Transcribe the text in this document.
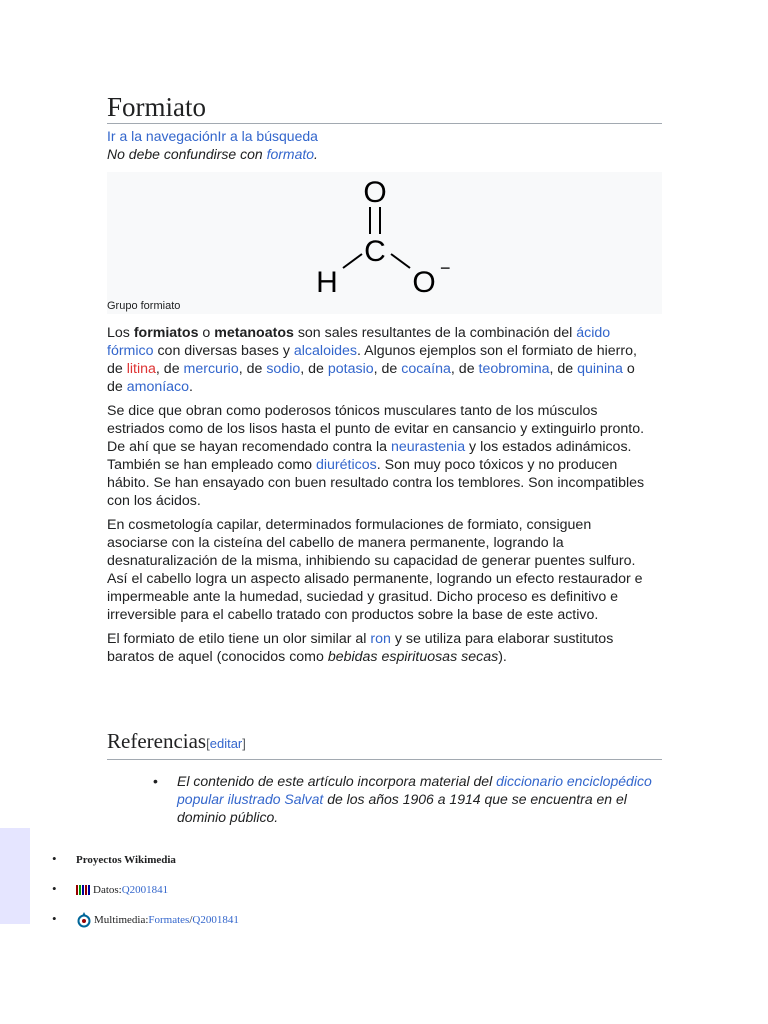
Formiato
Ir a la navegaciónIr a la búsqueda
No debe confundirse con formato.
O
C
H O −
Grupo formiato

Los formiatos o metanoatos son sales resultantes de la combinación del ácido fórmico con diversas bases y alcaloides. Algunos ejemplos son el formiato de hierro, de litina, de mercurio, de sodio, de potasio, de cocaína, de teobromina, de quinina o de amoníaco.

Se dice que obran como poderosos tónicos musculares tanto de los músculos estriados como de los lisos hasta el punto de evitar en cansancio y extinguirlo pronto. De ahí que se hayan recomendado contra la neurastenia y los estados adinámicos. También se han empleado como diuréticos. Son muy poco tóxicos y no producen hábito. Se han ensayado con buen resultado contra los temblores. Son incompatibles con los ácidos.

En cosmetología capilar, determinados formulaciones de formiato, consiguen asociarse con la cisteína del cabello de manera permanente, logrando la desnaturalización de la misma, inhibiendo su capacidad de generar puentes sulfuro. Así el cabello logra un aspecto alisado permanente, logrando un efecto restaurador e impermeable ante la humedad, suciedad y grasitud. Dicho proceso es definitivo e irreversible para el cabello tratado con productos sobre la base de este activo.

El formiato de etilo tiene un olor similar al ron y se utiliza para elaborar sustitutos baratos de aquel (conocidos como bebidas espirituosas secas).

Referencias[editar]
• El contenido de este artículo incorpora material del diccionario enciclopédico popular ilustrado Salvat de los años 1906 a 1914 que se encuentra en el dominio público.
• Proyectos Wikimedia
• Datos: Q2001841
• Multimedia: Formates / Q2001841
